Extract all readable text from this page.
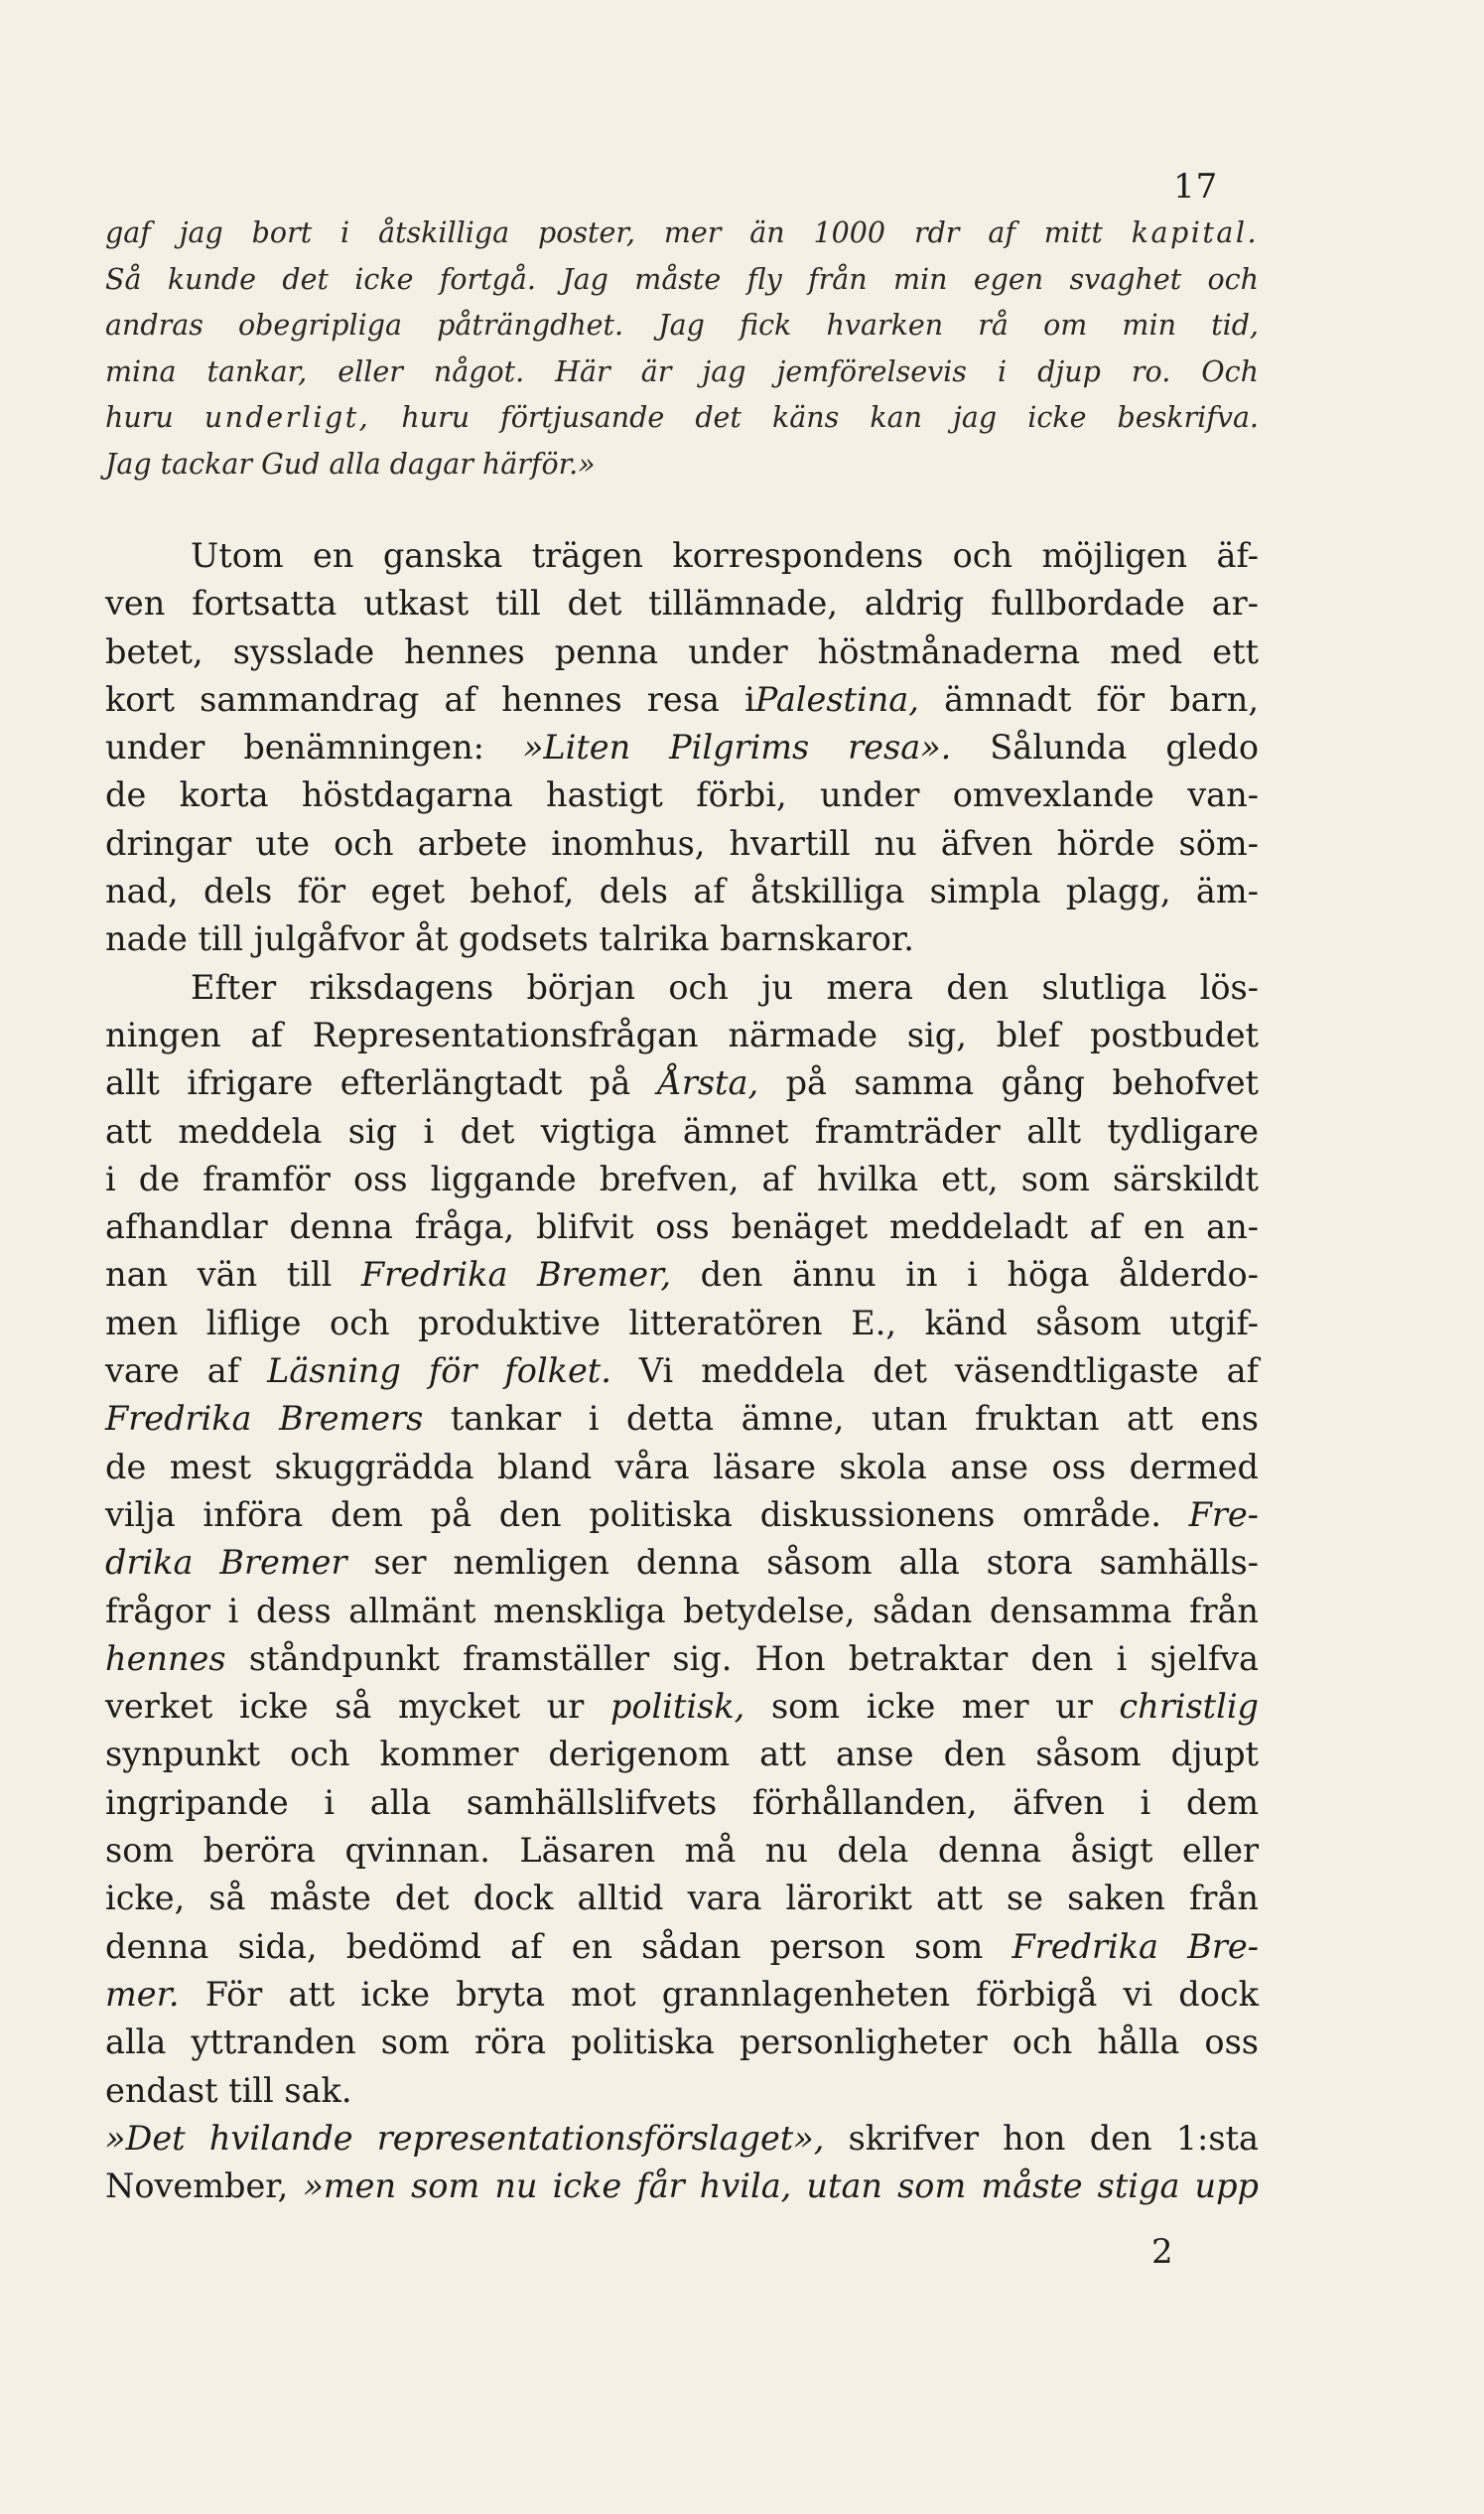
17
gaf jag bort i åtskilliga poster, mer än 1000 rdr af mitt kapital.
Så kunde det icke fortgå. Jag måste fly från min egen svaghet och
andras obegripliga påträngdhet. Jag fick hvarken rå om min tid,
mina tankar, eller något. Här är jag jemförelsevis i djup ro. Och
huru underligt, huru förtjusande det käns kan jag icke beskrifva.
Jag tackar Gud alla dagar härför.»
Utom en ganska trägen korrespondens och möjligen äf-
ven fortsatta utkast till det tillämnade, aldrig fullbordade ar-
betet, sysslade hennes penna under höstmånaderna med ett
kort sammandrag af hennes resa iPalestina, ämnadt för barn,
under benämningen: »Liten Pilgrims resa». Sålunda gledo
de korta höstdagarna hastigt förbi, under omvexlande van-
dringar ute och arbete inomhus, hvartill nu äfven hörde söm-
nad, dels för eget behof, dels af åtskilliga simpla plagg, äm-
nade till julgåfvor åt godsets talrika barnskaror.
Efter riksdagens början och ju mera den slutliga lös-
ningen af Representationsfrågan närmade sig, blef postbudet
allt ifrigare efterlängtadt på Årsta, på samma gång behofvet
att meddela sig i det vigtiga ämnet framträder allt tydligare
i de framför oss liggande brefven, af hvilka ett, som särskildt
afhandlar denna fråga, blifvit oss benäget meddeladt af en an-
nan vän till Fredrika Bremer, den ännu in i höga ålderdo-
men liflige och produktive litteratören E., känd såsom utgif-
vare af Läsning för folket. Vi meddela det väsendtligaste af
Fredrika Bremers tankar i detta ämne, utan fruktan att ens
de mest skuggrädda bland våra läsare skola anse oss dermed
vilja införa dem på den politiska diskussionens område. Fre-
drika Bremer ser nemligen denna såsom alla stora samhälls-
frågor i dess allmänt menskliga betydelse, sådan densamma från
hennes ståndpunkt framställer sig. Hon betraktar den i sjelfva
verket icke så mycket ur politisk, som icke mer ur christlig
synpunkt och kommer derigenom att anse den såsom djupt
ingripande i alla samhällslifvets förhållanden, äfven i dem
som beröra qvinnan. Läsaren må nu dela denna åsigt eller
icke, så måste det dock alltid vara lärorikt att se saken från
denna sida, bedömd af en sådan person som Fredrika Bre-
mer. För att icke bryta mot grannlagenheten förbigå vi dock
alla yttranden som röra politiska personligheter och hålla oss
endast till sak.
»Det hvilande representationsförslaget», skrifver hon den 1:sta
November, »men som nu icke får hvila, utan som måste stiga upp
2
